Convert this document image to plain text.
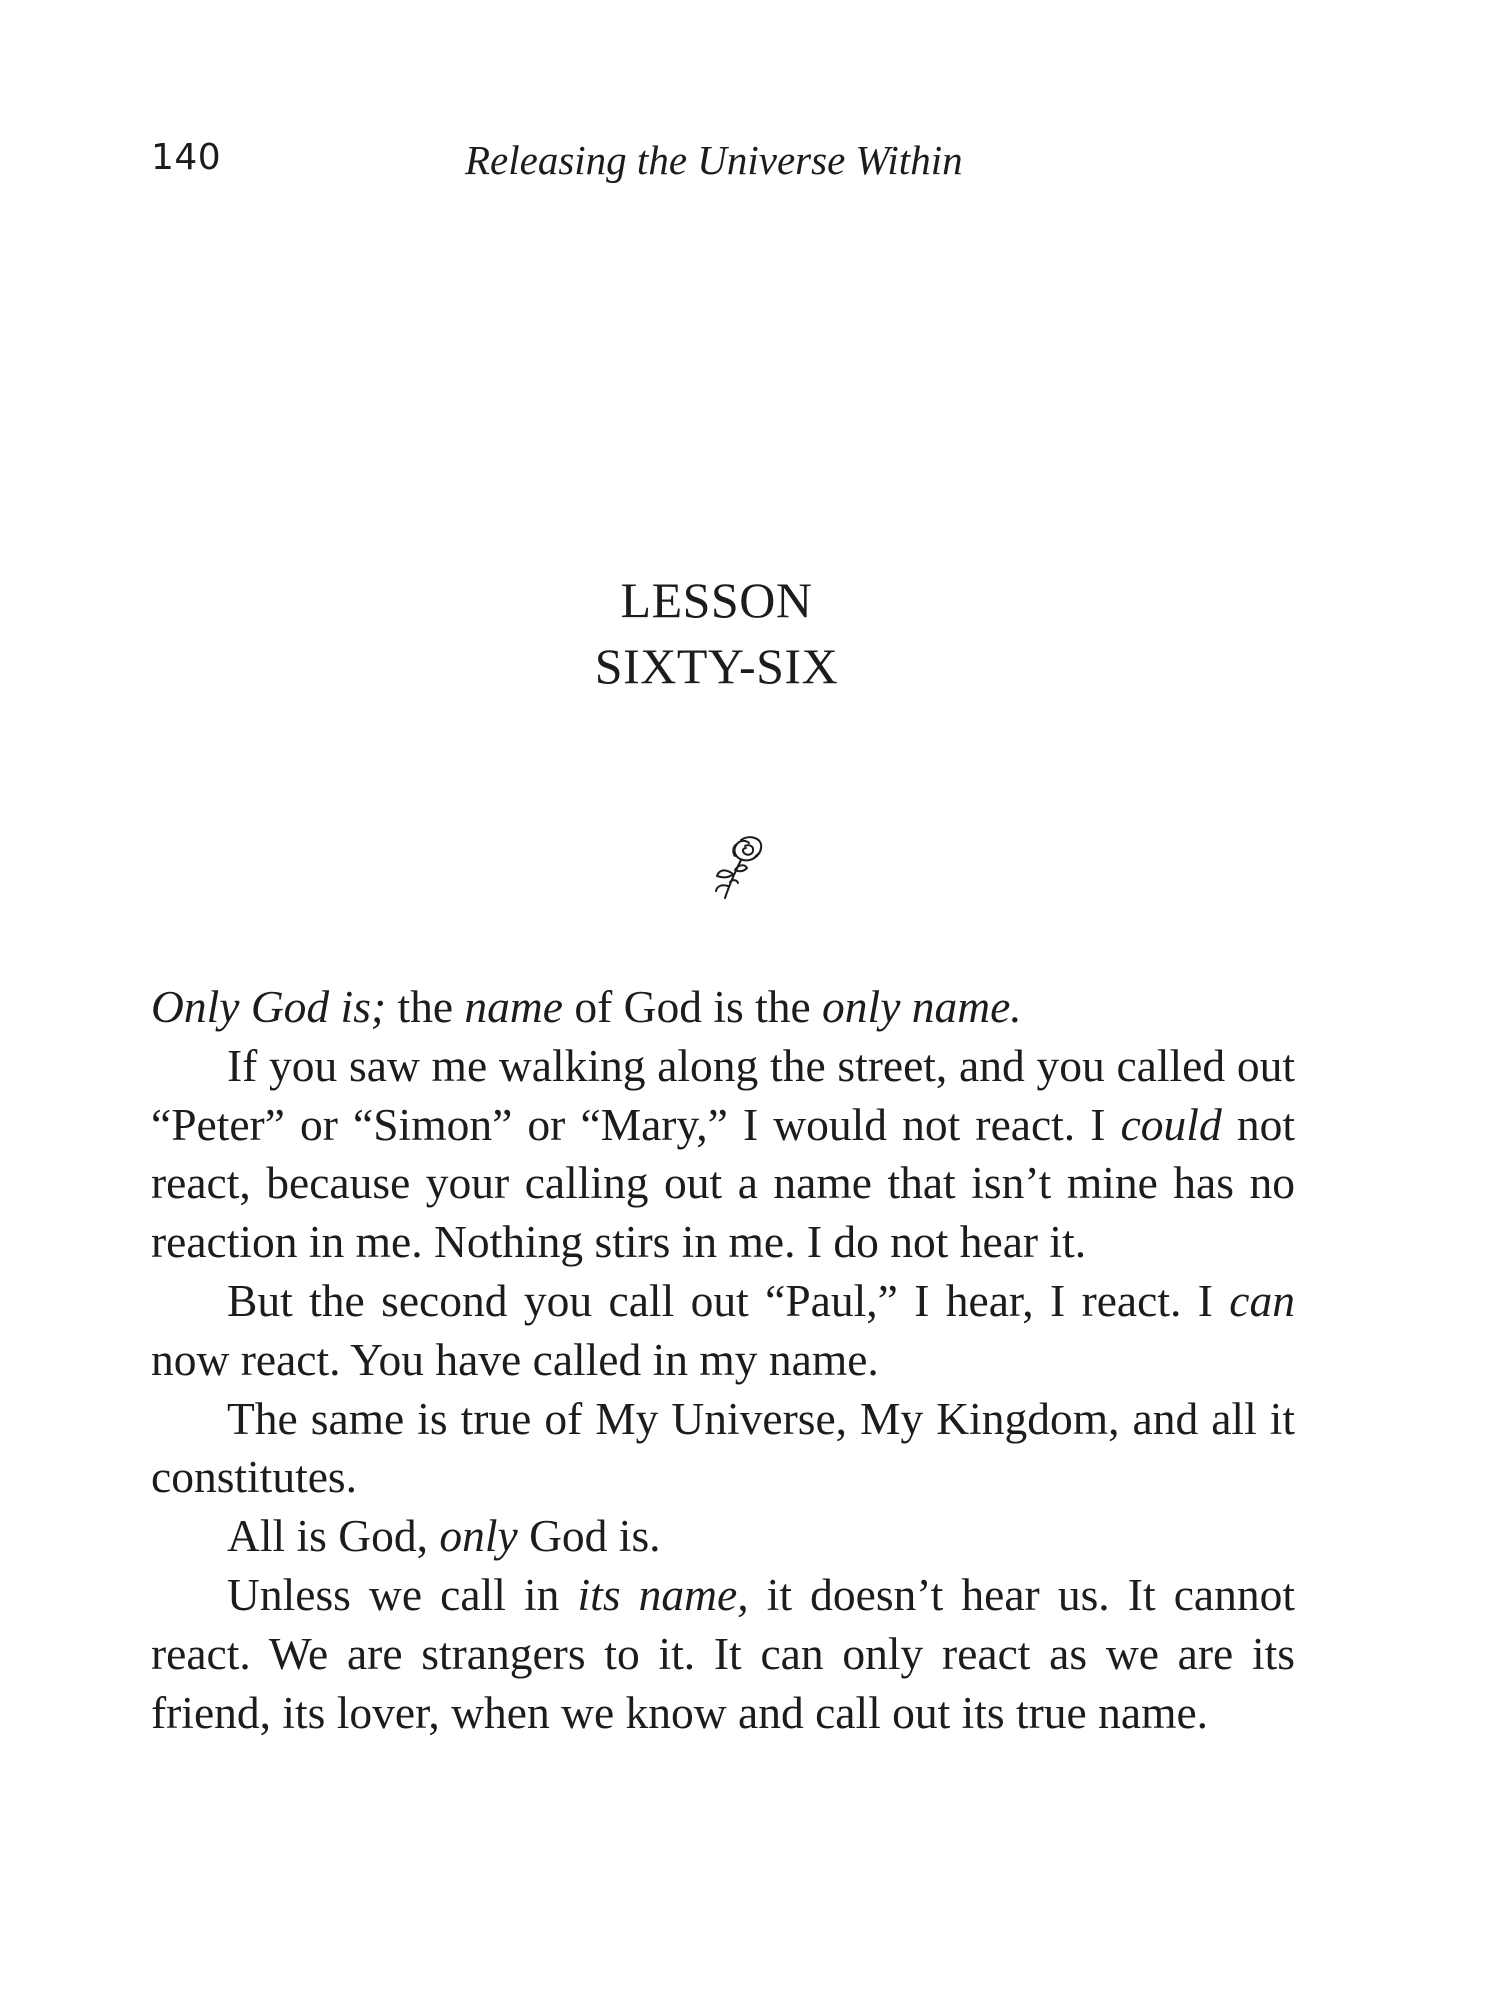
140	Releasing the Universe Within
LESSON
SIXTY-SIX

Only God is; the name of God is the only name.

If you saw me walking along the street, and you called out “Peter” or “Simon” or “Mary,” I would not react. I could not react, because your calling out a name that isn’t mine has no reaction in me. Nothing stirs in me. I do not hear it.

But the second you call out “Paul,” I hear, I react. I can now react. You have called in my name.

The same is true of My Universe, My Kingdom, and all it constitutes.

All is God, only God is.

Unless we call in its name, it doesn’t hear us. It cannot react. We are strangers to it. It can only react as we are its friend, its lover, when we know and call out its true name.
